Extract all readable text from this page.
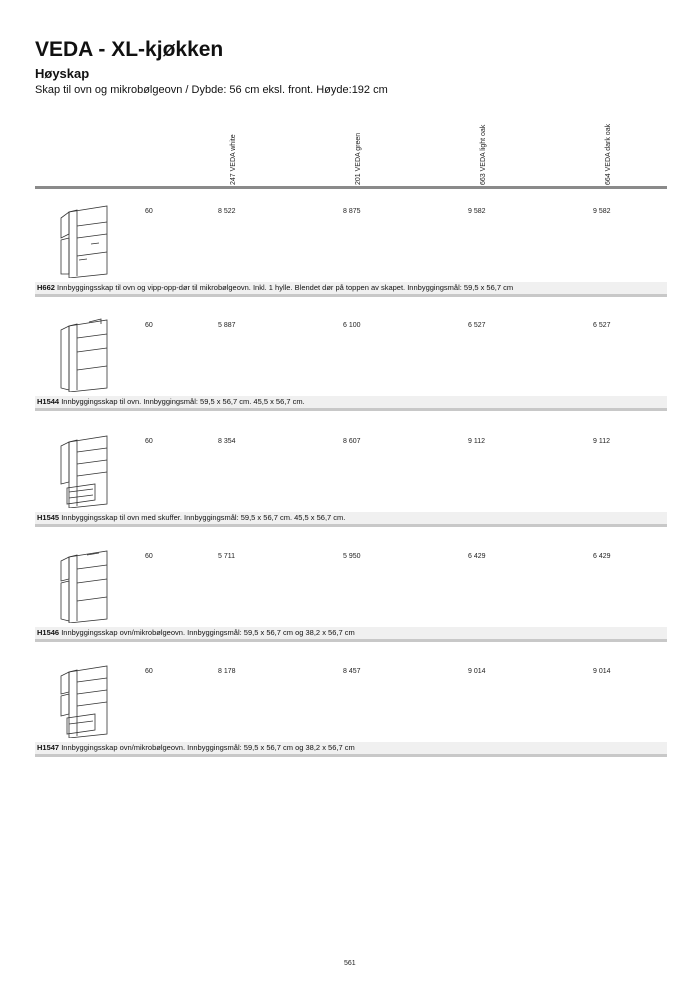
VEDA - XL-kjøkken
Høyskap
Skap til ovn og mikrobølgeovn / Dybde: 56 cm eksl. front. Høyde:192 cm
247 VEDA white	201 VEDA green	663 VEDA light oak	664 VEDA dark oak
60	8 522	8 875	9 582	9 582
H662 Innbyggingsskap til ovn og vipp-opp-dør til mikrobølgeovn. Inkl. 1 hylle. Blendet dør på toppen av skapet. Innbyggingsmål: 59,5 x 56,7 cm
60	5 887	6 100	6 527	6 527
H1544 Innbyggingsskap til ovn. Innbyggingsmål: 59,5 x 56,7 cm. 45,5 x 56,7 cm.
60	8 354	8 607	9 112	9 112
H1545 Innbyggingsskap til ovn med skuffer. Innbyggingsmål: 59,5 x 56,7 cm. 45,5 x 56,7 cm.
60	5 711	5 950	6 429	6 429
H1546 Innbyggingsskap ovn/mikrobølgeovn. Innbyggingsmål: 59,5 x 56,7 cm og 38,2 x 56,7 cm
60	8 178	8 457	9 014	9 014
H1547 Innbyggingsskap ovn/mikrobølgeovn. Innbyggingsmål: 59,5 x 56,7 cm og 38,2 x 56,7 cm
561
